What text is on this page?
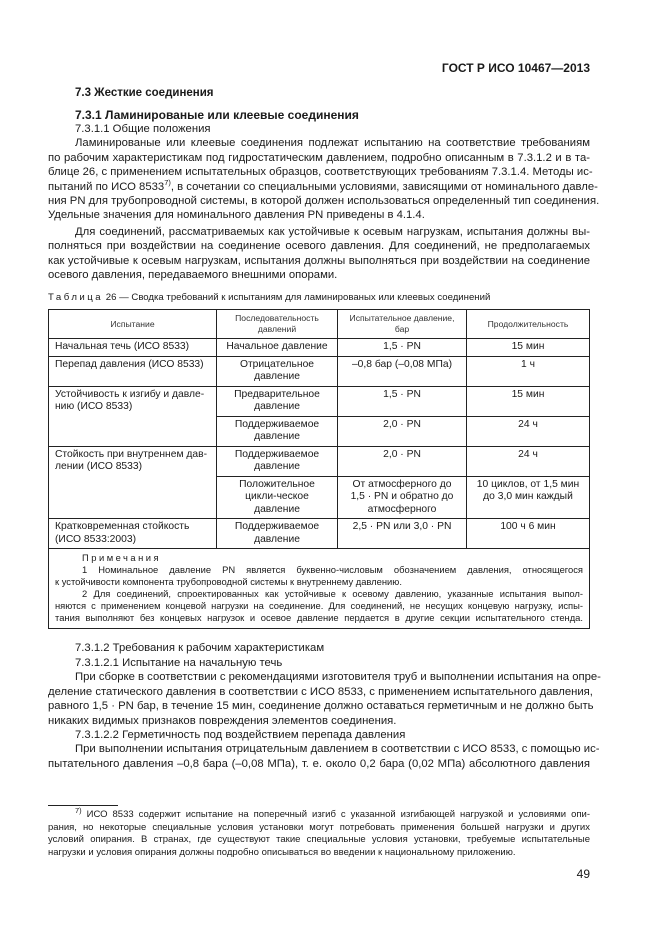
ГОСТ Р ИСО 10467—2013
7.3 Жесткие соединения
7.3.1 Ламинированые или клеевые соединения
7.3.1.1 Общие положения
Ламинированые или клеевые соединения подлежат испытанию на соответствие требованиям
по рабочим характеристикам под гидростатическим давлением, подробно описанным в 7.3.1.2 и в та-
блице 26, с применением испытательных образцов, соответствующих требованиям 7.3.1.4. Методы ис-
пытаний по ИСО 8533$^{7)}$, в сочетании со специальными условиями, зависящими от номинального давле-
ния PN для трубопроводной системы, в которой должен использоваться определенный тип соединения.
Удельные значения для номинального давления PN приведены в 4.1.4.
Для соединений, рассматриваемых как устойчивые к осевым нагрузкам, испытания должны вы-
полняться при воздействии на соединение осевого давления. Для соединений, не предполагаемых
как устойчивые к осевым нагрузкам, испытания должны выполняться при воздействии на соединение
осевого давления, передаваемого внешними опорами.
Таблица 26 — Сводка требований к испытаниям для ламинированых или клеевых соединений
Испытание	Последовательность давлений	Испытательное давление, бар	Продолжительность
Начальная течь (ИСО 8533)	Начальное давление	1,5 · PN	15 мин
Перепад давления (ИСО 8533)	Отрицательное давление	–0,8 бар (–0,08 МПа)	1 ч
Устойчивость к изгибу и давле-нию (ИСО 8533)	Предварительное давление	1,5 · PN	15 мин
	Поддерживаемое давление	2,0 · PN	24 ч
Стойкость при внутреннем дав-лении (ИСО 8533)	Поддерживаемое давление	2,0 · PN	24 ч
	Положительное цикли-ческое давление	От атмосферного до 1,5 · PN и обратно до атмосферного	10 циклов, от 1,5 мин до 3,0 мин каждый
Кратковременная стойкость (ИСО 8533:2003)	Поддерживаемое давление	2,5 · PN или 3,0 · PN	100 ч 6 мин
Примечания
1 Номинальное давление PN является буквенно-числовым обозначением давления, относящегося
к устойчивости компонента трубопроводной системы к внутреннему давлению.
2 Для соединений, спроектированных как устойчивые к осевому давлению, указанные испытания выпол-
няются с применением концевой нагрузки на соединение. Для соединений, не несущих концевую нагрузку, испы-
тания выполняют без концевых нагрузок и осевое давление пердается в другие секции испытательного стенда.
7.3.1.2 Требования к рабочим характеристикам
7.3.1.2.1 Испытание на начальную течь
При сборке в соответствии с рекомендациями изготовителя труб и выполнении испытания на опре-
деление статического давления в соответствии с ИСО 8533, с применением испытательного давления,
равного 1,5 · PN бар, в течение 15 мин, соединение должно оставаться герметичным и не должно быть
никаких видимых признаков повреждения элементов соединения.
7.3.1.2.2 Герметичность под воздействием перепада давления
При выполнении испытания отрицательным давлением в соответствии с ИСО 8533, с помощью ис-
пытательного давления –0,8 бара (–0,08 МПа), т. е. около 0,2 бара (0,02 МПа) абсолютного давления
$^{7)}$ ИСО 8533 содержит испытание на поперечный изгиб с указанной изгибающей нагрузкой и условиями опи-
рания, но некоторые специальные условия установки могут потребовать применения большей нагрузки и других
условий опирания. В странах, где существуют такие специальные условия установки, требуемые испытательные
нагрузки и условия опирания должны подробно описываться во введении к национальному приложению.
49
